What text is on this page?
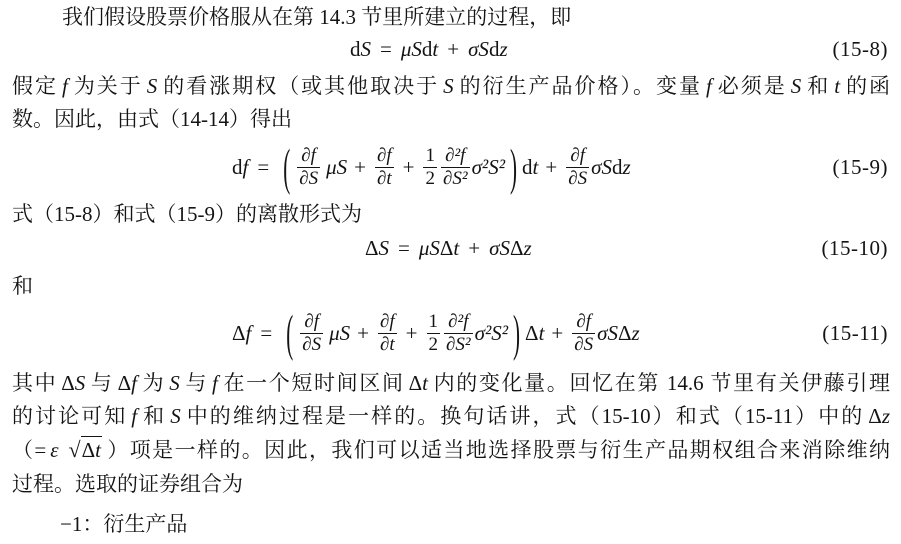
我们假设股票价格服从在第 14.3 节里所建立的过程，即
d S = μS d t + σS d z	(15-8)
假定 f 为关于 S 的看涨期权（或其他取决于 S 的衍生产品价格）。变量 f 必须是 S 和 t 的函
数。因此，由式（14-14）得出
d f = ( $\frac{\partial f}{\partial S}$ $\mu S + \frac{\partial f}{\partial t} + \frac{1}{2} \frac{\text{∂²f}}{\text{∂S²}} \sigma^2S^2$ ) d $t + \frac{\partial f}{\partial S}$ σS d z	(15-9)
式（15-8）和式（15-9）的离散形式为
Δ S = μS Δ t + σS Δ z	(15-10)
和
Δ f = ( $\frac{\partial f}{\partial S}$ $\mu S + \frac{\partial f}{\partial t} + \frac{1}{2} \frac{\text{∂²f}}{\text{∂S²}} \sigma^2S^2$ ) Δ $t + \frac{\partial f}{\partial S}$ σS Δ z	(15-11)
其中 ΔS 与 Δf 为 S 与 f 在一个短时间区间 Δt 内的变化量。回忆在第 14.6 节里有关伊藤引理
的讨论可知 f 和 S 中的维纳过程是一样的。换句话讲，式（15-10）和式（15-11）中的 Δz
（= ε √Δt ）项是一样的。因此，我们可以适当地选择股票与衍生产品期权组合来消除维纳
过程。选取的证券组合为
−1：衍生产品
